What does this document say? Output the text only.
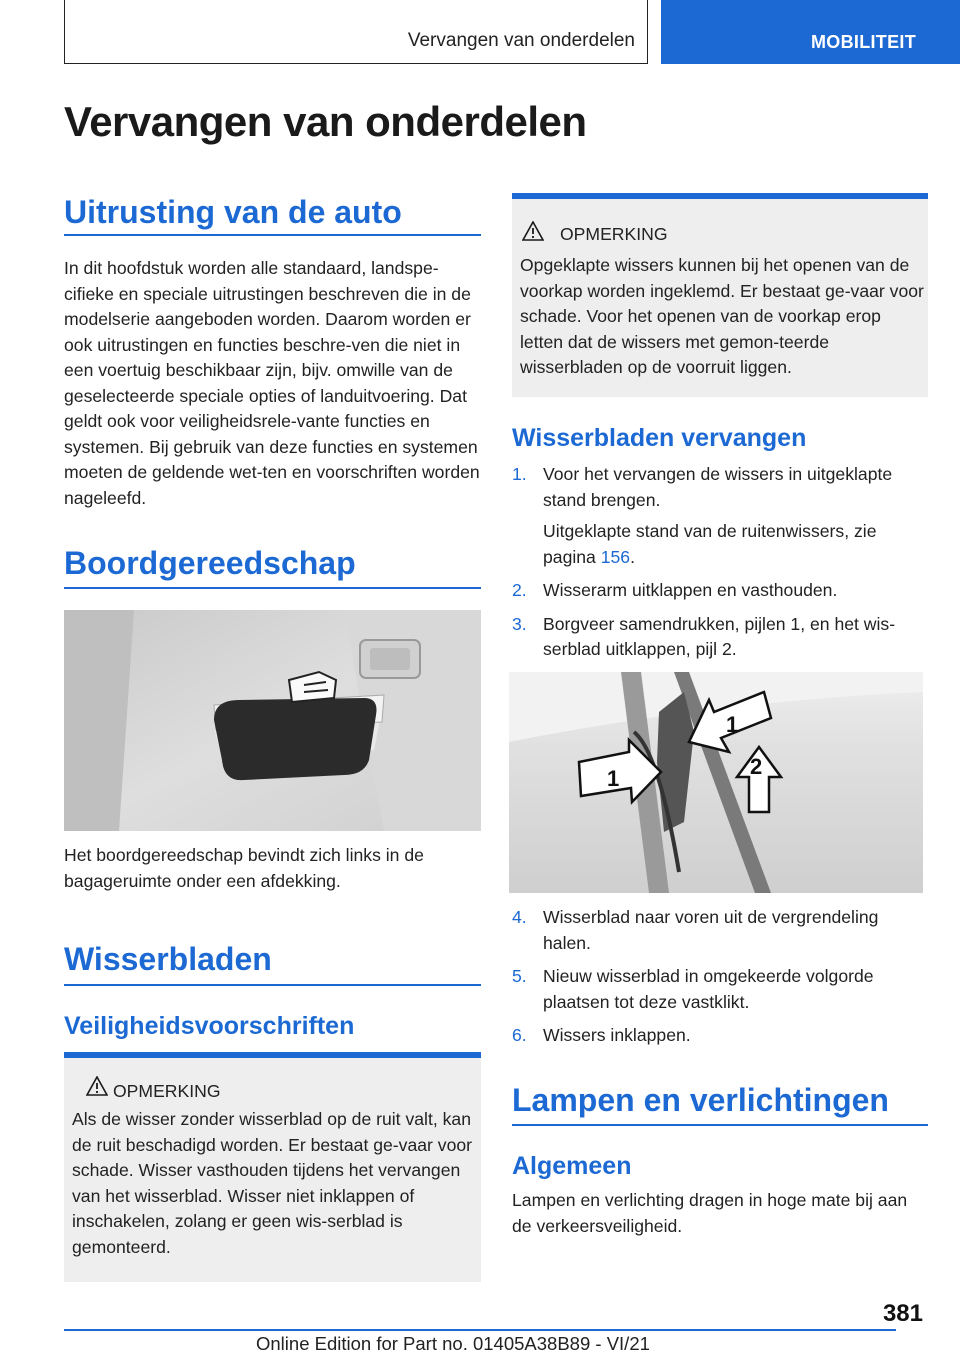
Vervangen van onderdelen	MOBILITEIT
Vervangen van onderdelen
Uitrusting van de auto

In dit hoofdstuk worden alle standaard, landspe-cifieke en speciale uitrustingen beschreven die in de modelserie aangeboden worden. Daarom worden er ook uitrustingen en functies beschre-ven die niet in een voertuig beschikbaar zijn, bijv. omwille van de geselecteerde speciale opties of landuitvoering. Dat geldt ook voor veiligheidsrele-vante functies en systemen. Bij gebruik van deze functies en systemen moeten de geldende wet-ten en voorschriften worden nageleefd.

Boordgereedschap

Het boordgereedschap bevindt zich links in de bagageruimte onder een afdekking.

Wisserbladen
Veiligheidsvoorschriften
OPMERKING

Als de wisser zonder wisserblad op de ruit valt, kan de ruit beschadigd worden. Er bestaat ge-vaar voor schade. Wisser vasthouden tijdens het vervangen van het wisserblad. Wisser niet inklappen of inschakelen, zolang er geen wis-serblad is gemonteerd.

OPMERKING

Opgeklapte wissers kunnen bij het openen van de voorkap worden ingeklemd. Er bestaat ge-vaar voor schade. Voor het openen van de voorkap erop letten dat de wissers met gemon-teerde wisserbladen op de voorruit liggen.

Wisserbladen vervangen
1. Voor het vervangen de wissers in uitgeklapte stand brengen.
Uitgeklapte stand van de ruitenwissers, zie pagina 156.
2. Wisserarm uitklappen en vasthouden.
3. Borgveer samendrukken, pijlen 1, en het wis-serblad uitklappen, pijl 2.
1
1
2
4. Wisserblad naar voren uit de vergrendeling halen.
5. Nieuw wisserblad in omgekeerde volgorde plaatsen tot deze vastklikt.
6. Wissers inklappen.
Lampen en verlichtingen
Algemeen

Lampen en verlichting dragen in hoge mate bij aan de verkeersveiligheid.

381
Online Edition for Part no. 01405A38B89 - VI/21
